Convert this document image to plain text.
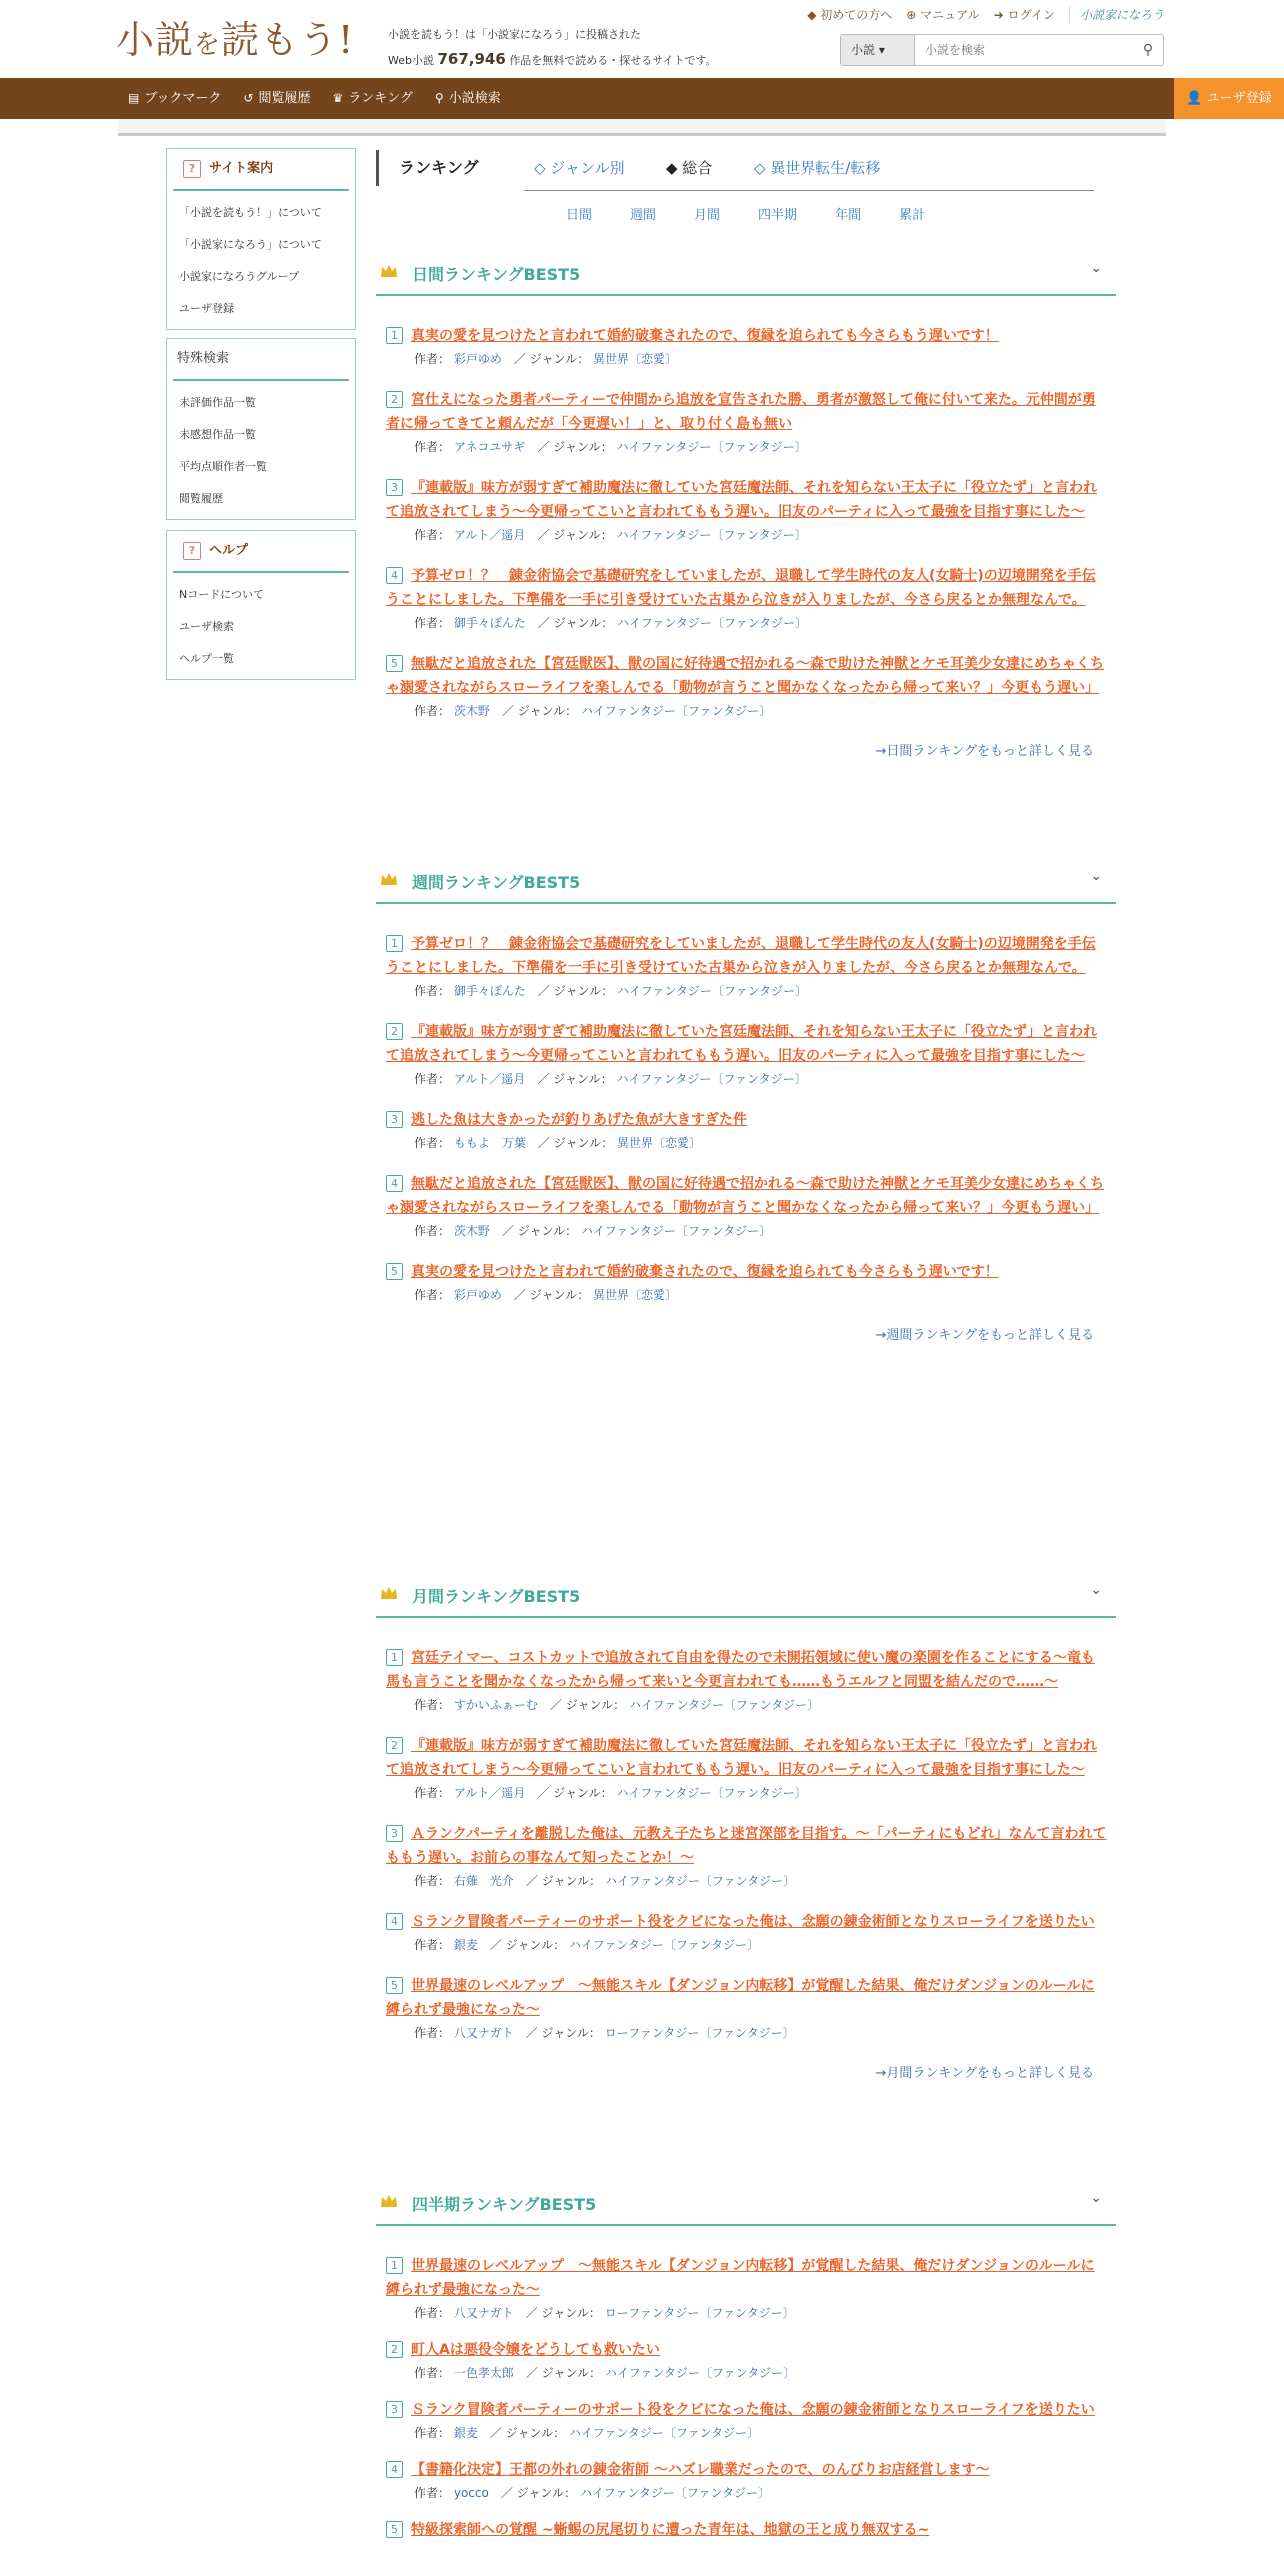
小説を読もう!	小説を読もう！は「小説家になろう」に投稿された
Web小説 767,946 作品を無料で読める・探せるサイトです。
◆ 初めての方へ ⊕ マニュアル ➜ ログイン	小説家になろう
小説 ▾
小説を検索	⚲
▤ ブックマーク ↺ 閲覧履歴 ♛ ランキング ⚲ 小説検索	👤 ユーザ登録
? サイト案内
「小説を読もう！」について
「小説家になろう」について
小説家になろうグループ
ユーザ登録
特殊検索
未評価作品一覧
未感想作品一覧
平均点順作者一覧
閲覧履歴
? ヘルプ
Nコードについて
ユーザ検索
ヘルプ一覧
ランキング	◇ ジャンル別	◆ 総合	◇ 異世界転生/転移
日間	週間	月間	四半期	年間	累計
日間ランキングBEST5	⌄
1 真実の愛を見つけたと言われて婚約破棄されたので、復縁を迫られても今さらもう遅いです！
作者： 彩戸ゆめ　／ ジャンル： 異世界〔恋愛〕
2 宮仕えになった勇者パーティーで仲間から追放を宣告された勝、勇者が激怒して俺に付いて来た。元仲間が勇者に帰ってきてと頼んだが「今更遅い！」と、取り付く島も無い
作者： アネコユサギ　／ ジャンル： ハイファンタジー〔ファンタジー〕
3 『連載版』味方が弱すぎて補助魔法に徹していた宮廷魔法師、それを知らない王太子に「役立たず」と言われて追放されてしまう〜今更帰ってこいと言われてももう遅い。旧友のパーティに入って最強を目指す事にした〜
作者： アルト／遥月　／ ジャンル： ハイファンタジー〔ファンタジー〕
4 予算ゼロ！？　錬金術協会で基礎研究をしていましたが、退職して学生時代の友人(女騎士)の辺境開発を手伝うことにしました。下準備を一手に引き受けていた古巣から泣きが入りましたが、今さら戻るとか無理なんで。
作者： 御手々ぽんた　／ ジャンル： ハイファンタジー〔ファンタジー〕
5 無駄だと追放された【宮廷獣医】、獣の国に好待遇で招かれる～森で助けた神獣とケモ耳美少女達にめちゃくちゃ溺愛されながらスローライフを楽しんでる「動物が言うこと聞かなくなったから帰って来い？」今更もう遅い」
作者： 茨木野　／ ジャンル： ハイファンタジー〔ファンタジー〕
→日間ランキングをもっと詳しく見る
週間ランキングBEST5	⌄
1 予算ゼロ！？　錬金術協会で基礎研究をしていましたが、退職して学生時代の友人(女騎士)の辺境開発を手伝うことにしました。下準備を一手に引き受けていた古巣から泣きが入りましたが、今さら戻るとか無理なんで。
作者： 御手々ぽんた　／ ジャンル： ハイファンタジー〔ファンタジー〕
2 『連載版』味方が弱すぎて補助魔法に徹していた宮廷魔法師、それを知らない王太子に「役立たず」と言われて追放されてしまう〜今更帰ってこいと言われてももう遅い。旧友のパーティに入って最強を目指す事にした〜
作者： アルト／遥月　／ ジャンル： ハイファンタジー〔ファンタジー〕
3 逃した魚は大きかったが釣りあげた魚が大きすぎた件
作者： ももよ　万葉　／ ジャンル： 異世界〔恋愛〕
4 無駄だと追放された【宮廷獣医】、獣の国に好待遇で招かれる～森で助けた神獣とケモ耳美少女達にめちゃくちゃ溺愛されながらスローライフを楽しんでる「動物が言うこと聞かなくなったから帰って来い？」今更もう遅い」
作者： 茨木野　／ ジャンル： ハイファンタジー〔ファンタジー〕
5 真実の愛を見つけたと言われて婚約破棄されたので、復縁を迫られても今さらもう遅いです！
作者： 彩戸ゆめ　／ ジャンル： 異世界〔恋愛〕
→週間ランキングをもっと詳しく見る
月間ランキングBEST5	⌄
1 宮廷テイマー、コストカットで追放されて自由を得たので未開拓領域に使い魔の楽園を作ることにする～竜も馬も言うことを聞かなくなったから帰って来いと今更言われても……もうエルフと同盟を結んだので……～
作者： すかいふぁーむ　／ ジャンル： ハイファンタジー〔ファンタジー〕
2 『連載版』味方が弱すぎて補助魔法に徹していた宮廷魔法師、それを知らない王太子に「役立たず」と言われて追放されてしまう〜今更帰ってこいと言われてももう遅い。旧友のパーティに入って最強を目指す事にした〜
作者： アルト／遥月　／ ジャンル： ハイファンタジー〔ファンタジー〕
3 Ａランクパーティを離脱した俺は、元教え子たちと迷宮深部を目指す。～「パーティにもどれ」なんて言われてももう遅い。お前らの事なんて知ったことか！～
作者： 右薙　光介　／ ジャンル： ハイファンタジー〔ファンタジー〕
4 Ｓランク冒険者パーティーのサポート役をクビになった俺は、念願の錬金術師となりスローライフを送りたい
作者： 銀麦　／ ジャンル： ハイファンタジー〔ファンタジー〕
5 世界最速のレベルアップ　～無能スキル【ダンジョン内転移】が覚醒した結果、俺だけダンジョンのルールに縛られず最強になった～
作者： 八又ナガト　／ ジャンル： ローファンタジー〔ファンタジー〕
→月間ランキングをもっと詳しく見る
四半期ランキングBEST5	⌄
1 世界最速のレベルアップ　～無能スキル【ダンジョン内転移】が覚醒した結果、俺だけダンジョンのルールに縛られず最強になった～
作者： 八又ナガト　／ ジャンル： ローファンタジー〔ファンタジー〕
2 町人Aは悪役令嬢をどうしても救いたい
作者： 一色孝太郎　／ ジャンル： ハイファンタジー〔ファンタジー〕
3 Ｓランク冒険者パーティーのサポート役をクビになった俺は、念願の錬金術師となりスローライフを送りたい
作者： 銀麦　／ ジャンル： ハイファンタジー〔ファンタジー〕
4 【書籍化決定】王都の外れの錬金術師 ～ハズレ職業だったので、のんびりお店経営します～
作者： yocco　／ ジャンル： ハイファンタジー〔ファンタジー〕
5 特級探索師への覚醒 ~蜥蜴の尻尾切りに遭った青年は、地獄の王と成り無双する~
